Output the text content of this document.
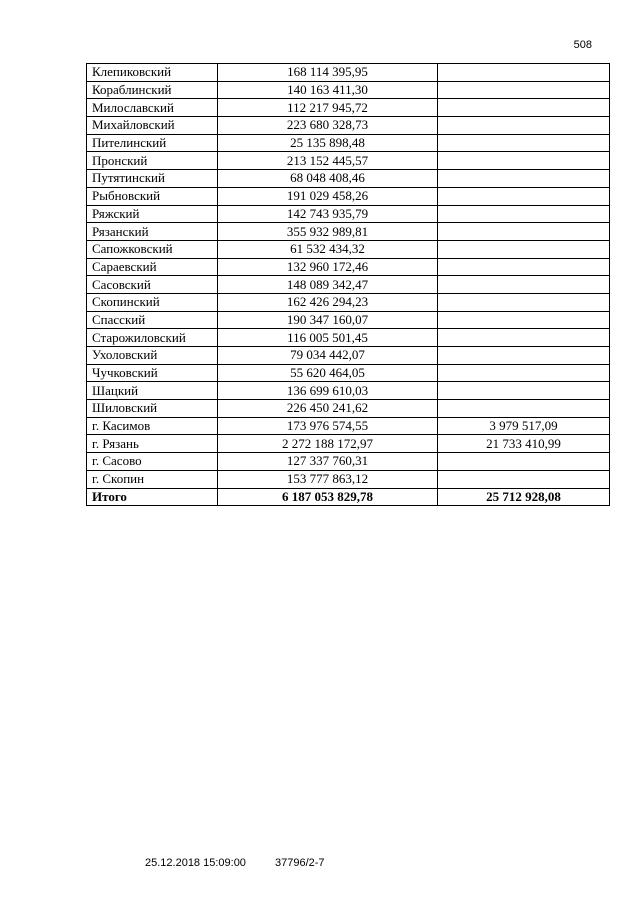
508
Клепиковский	168 114 395,95	
Кораблинский	140 163 411,30	
Милославский	112 217 945,72	
Михайловский	223 680 328,73	
Пителинский	25 135 898,48	
Пронский	213 152 445,57	
Путятинский	68 048 408,46	
Рыбновский	191 029 458,26	
Ряжский	142 743 935,79	
Рязанский	355 932 989,81	
Сапожковский	61 532 434,32	
Сараевский	132 960 172,46	
Сасовский	148 089 342,47	
Скопинский	162 426 294,23	
Спасский	190 347 160,07	
Старожиловский	116 005 501,45	
Ухоловский	79 034 442,07	
Чучковский	55 620 464,05	
Шацкий	136 699 610,03	
Шиловский	226 450 241,62	
г. Касимов	173 976 574,55	3 979 517,09
г. Рязань	2 272 188 172,97	21 733 410,99
г. Сасово	127 337 760,31	
г. Скопин	153 777 863,12	
Итого	6 187 053 829,78	25 712 928,08
25.12.2018 15:09:00	37796/2-7
